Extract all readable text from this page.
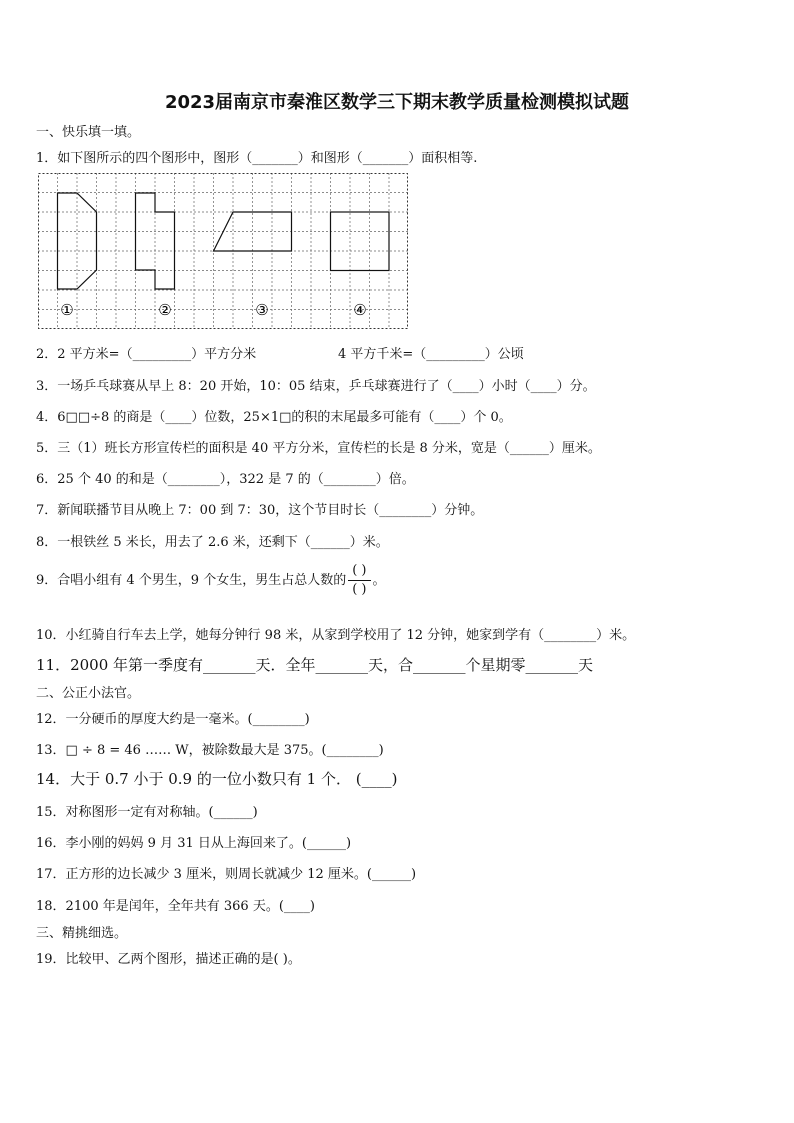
2023届南京市秦淮区数学三下期末教学质量检测模拟试题
一、快乐填一填。
1．如下图所示的四个图形中，图形（_______）和图形（_______）面积相等.
①	②	③	④
2．2 平方米=（_________）平方分米	4 平方千米=（_________）公顷
3．一场乒乓球赛从早上 8：20 开始，10：05 结束，乒乓球赛进行了（____）小时（____）分。
4．6□□÷8 的商是（____）位数，25×1□的积的末尾最多可能有（____）个 0。
5．三（1）班长方形宣传栏的面积是 40 平方分米，宣传栏的长是 8 分米，宽是（______）厘米。
6．25 个 40 的和是（________），322 是 7 的（________）倍。
7．新闻联播节目从晚上 7：00 到 7：30，这个节目时长（________）分钟。
8．一根铁丝 5 米长，用去了 2.6 米，还剩下（______）米。
9．合唱小组有 4 个男生，9 个女生，男生占总人数的 $\frac{( )}{( )}$ 。
10．小红骑自行车去上学，她每分钟行 98 米，从家到学校用了 12 分钟，她家到学有（________）米。
11．2000 年第一季度有_______天．全年_______天，合_______个星期零_______天
二、公正小法官。
12．一分硬币的厚度大约是一毫米。(________)
13．□ ÷ 8 = 46 …… W，被除数最大是 375。(________)
14．大于 0.7 小于 0.9 的一位小数只有 1 个． (____)
15．对称图形一定有对称轴。(______)
16．李小刚的妈妈 9 月 31 日从上海回来了。(______)
17．正方形的边长减少 3 厘米，则周长就减少 12 厘米。(______)
18．2100 年是闰年，全年共有 366 天。(____)
三、精挑细选。
19．比较甲、乙两个图形，描述正确的是( )。
